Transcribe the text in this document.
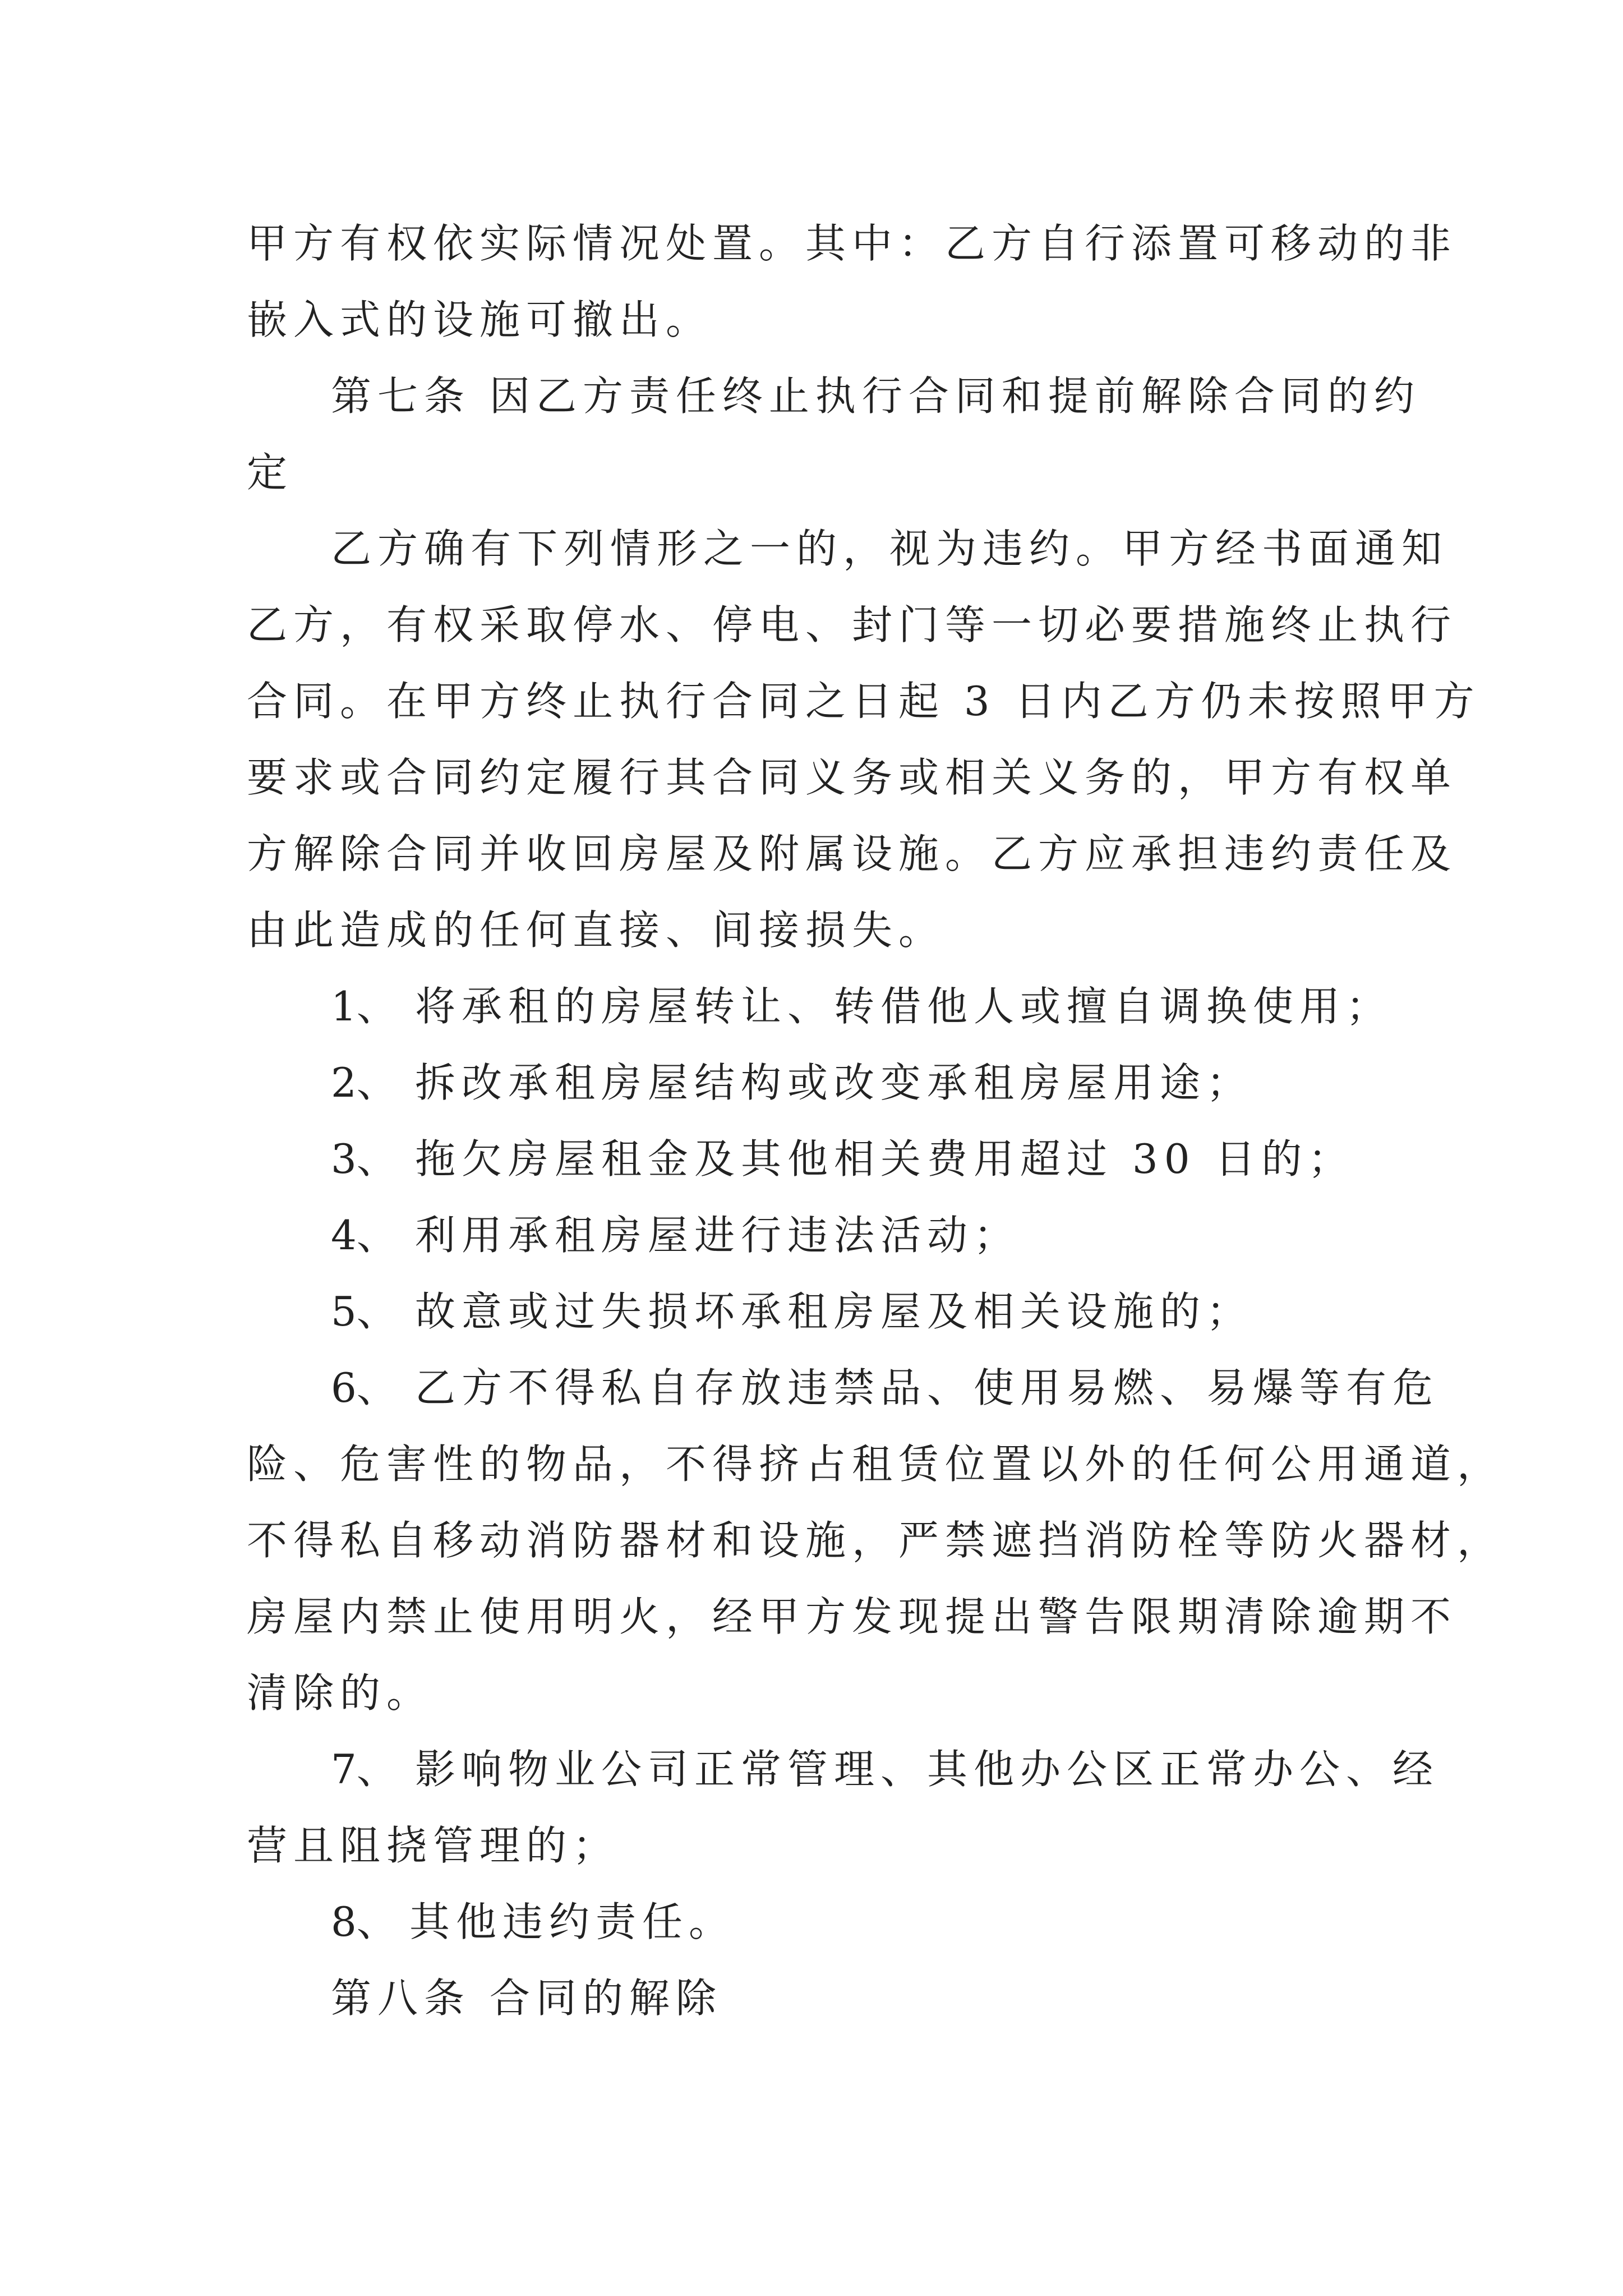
甲方有权依实际情况处置。其中：乙方自行添置可移动的非
嵌入式的设施可撤出。
第七条 因乙方责任终止执行合同和提前解除合同的约
定
乙方确有下列情形之一的，视为违约。甲方经书面通知
乙方，有权采取停水、停电、封门等一切必要措施终止执行
合同。在甲方终止执行合同之日起 3 日内乙方仍未按照甲方
要求或合同约定履行其合同义务或相关义务的，甲方有权单
方解除合同并收回房屋及附属设施。乙方应承担违约责任及
由此造成的任何直接、间接损失。
1、 将承租的房屋转让、转借他人或擅自调换使用；
2、 拆改承租房屋结构或改变承租房屋用途；
3、 拖欠房屋租金及其他相关费用超过 30 日的；
4、 利用承租房屋进行违法活动；
5、 故意或过失损坏承租房屋及相关设施的；
6、 乙方不得私自存放违禁品、使用易燃、易爆等有危
险、危害性的物品，不得挤占租赁位置以外的任何公用通道，
不得私自移动消防器材和设施，严禁遮挡消防栓等防火器材，
房屋内禁止使用明火，经甲方发现提出警告限期清除逾期不
清除的。
7、 影响物业公司正常管理、其他办公区正常办公、经
营且阻挠管理的；
8、 其他违约责任。
第八条 合同的解除
